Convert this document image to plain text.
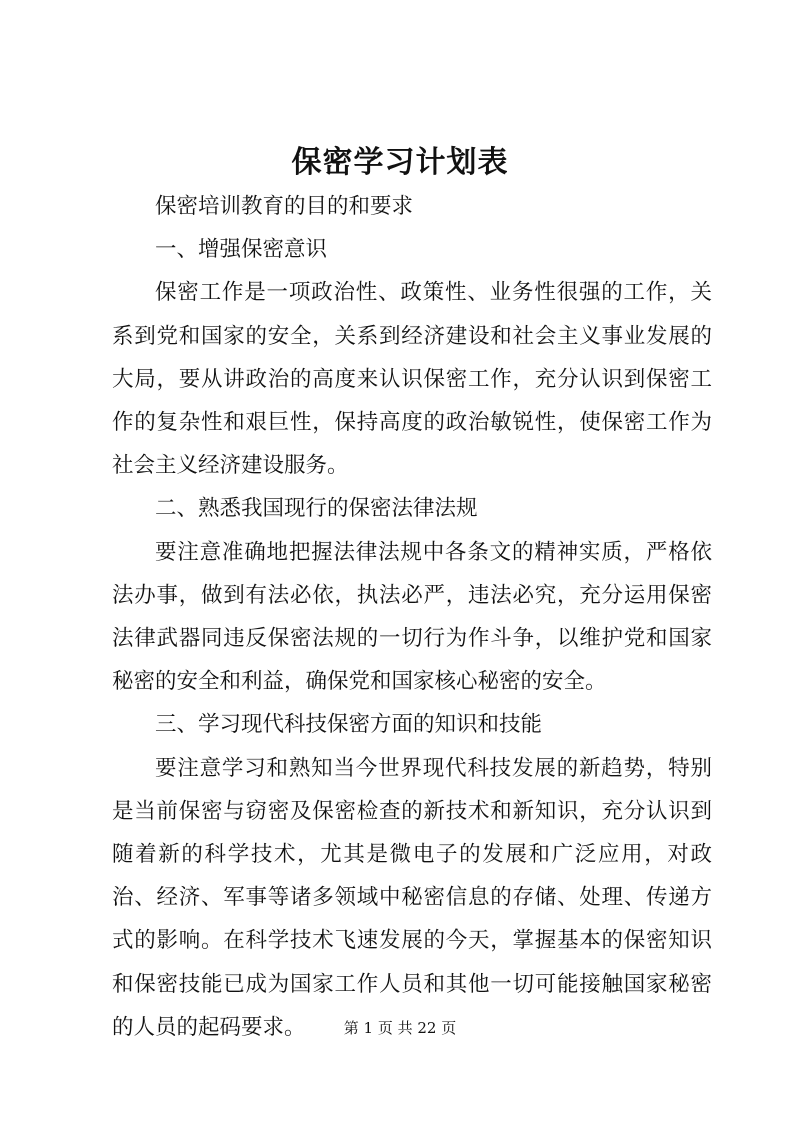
保密学习计划表

保密培训教育的目的和要求

一、增强保密意识

保密工作是一项政治性、政策性、业务性很强的工作，关系到党和国家的安全，关系到经济建设和社会主义事业发展的大局，要从讲政治的高度来认识保密工作，充分认识到保密工作的复杂性和艰巨性，保持高度的政治敏锐性，使保密工作为社会主义经济建设服务。

二、熟悉我国现行的保密法律法规

要注意准确地把握法律法规中各条文的精神实质，严格依法办事，做到有法必依，执法必严，违法必究，充分运用保密法律武器同违反保密法规的一切行为作斗争，以维护党和国家秘密的安全和利益，确保党和国家核心秘密的安全。

三、学习现代科技保密方面的知识和技能

要注意学习和熟知当今世界现代科技发展的新趋势，特别是当前保密与窃密及保密检查的新技术和新知识，充分认识到随着新的科学技术，尤其是微电子的发展和广泛应用，对政治、经济、军事等诸多领域中秘密信息的存储、处理、传递方式的影响。在科学技术飞速发展的今天，掌握基本的保密知识和保密技能已成为国家工作人员和其他一切可能接触国家秘密的人员的起码要求。	第 1 页 共 22 页
